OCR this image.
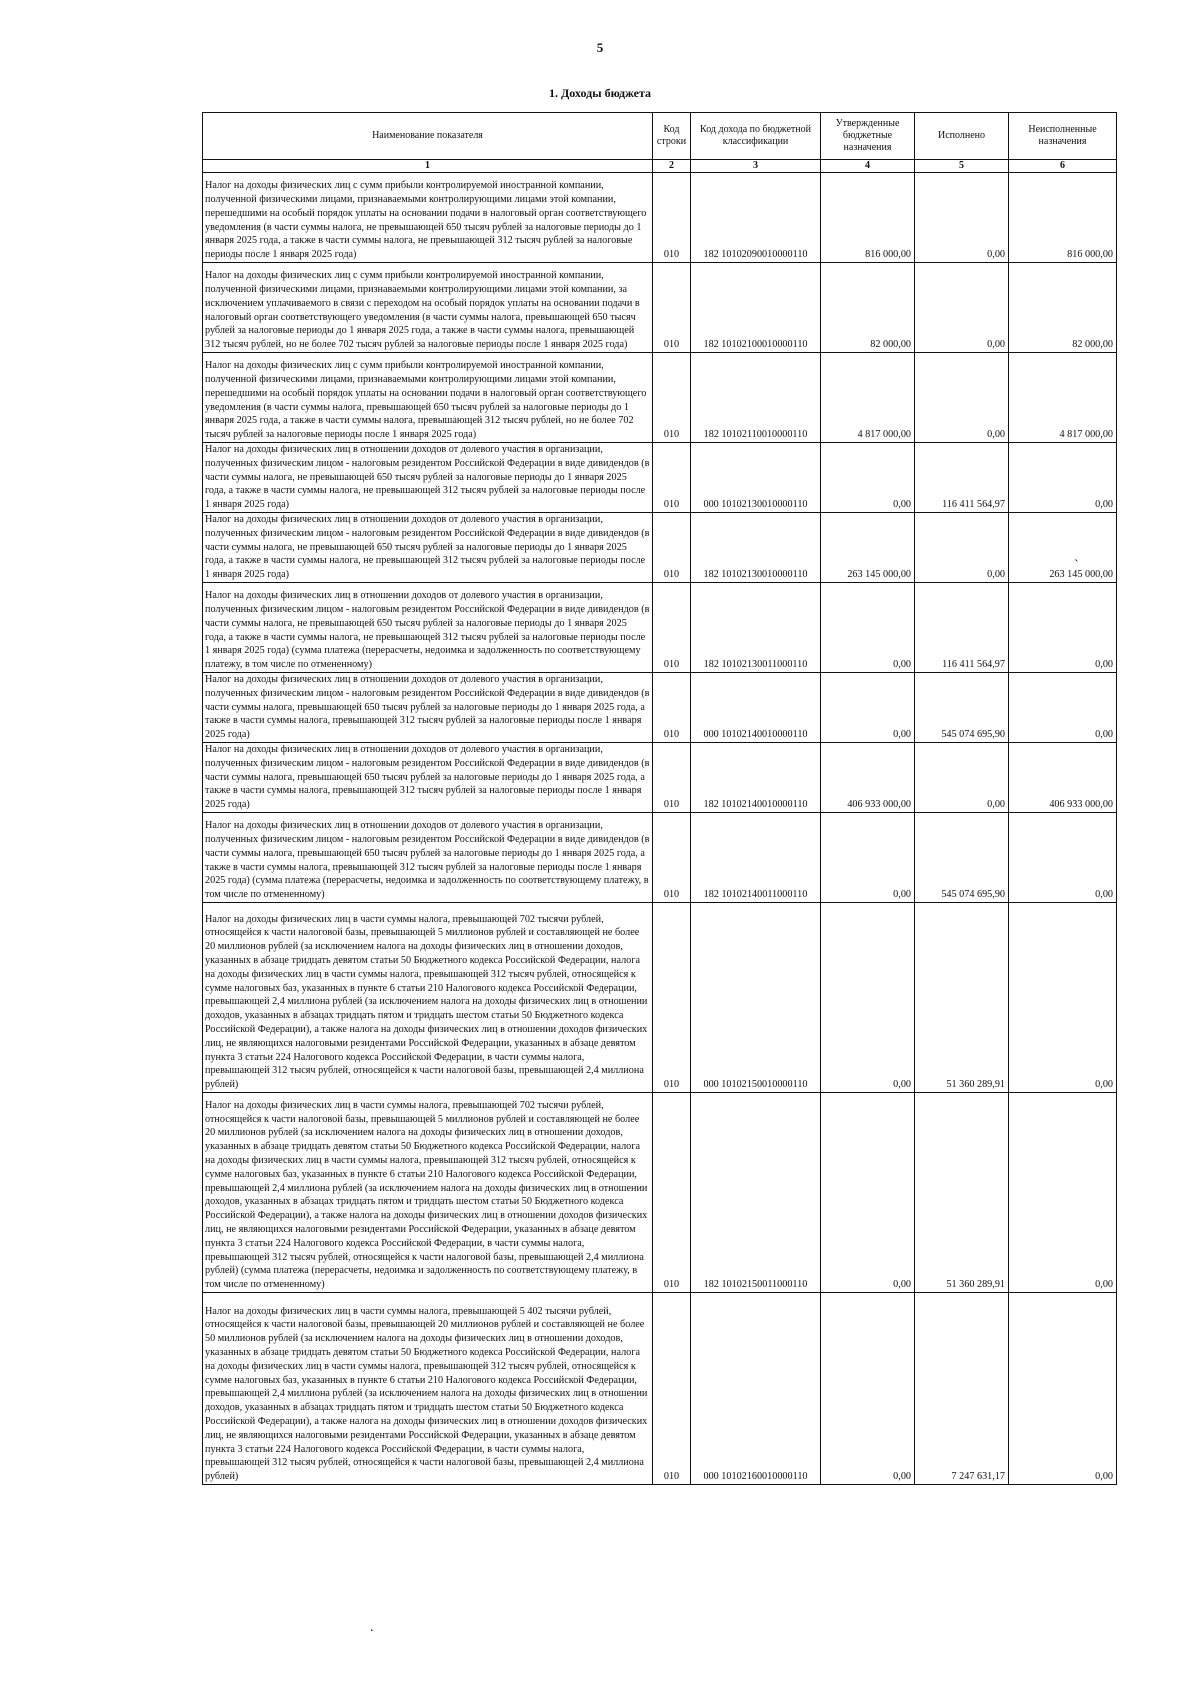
5
1. Доходы бюджета
Наименование показателя	Код строки	Код дохода по бюджетной классификации	Утвержденные бюджетные назначения	Исполнено	Неисполненные назначения
1	2	3	4	5	6
Налог на доходы физических лиц с сумм прибыли контролируемой иностранной компании, полученной физическими лицами, признаваемыми контролирующими лицами этой компании, перешедшими на особый порядок уплаты на основании подачи в налоговый орган соответствующего уведомления (в части суммы налога, не превышающей 650 тысяч рублей за налоговые периоды до 1 января 2025 года, а также в части суммы налога, не превышающей 312 тысяч рублей за налоговые периоды после 1 января 2025 года)	010	182 10102090010000110	816 000,00	0,00	816 000,00
Налог на доходы физических лиц с сумм прибыли контролируемой иностранной компании, полученной физическими лицами, признаваемыми контролирующими лицами этой компании, за исключением уплачиваемого в связи с переходом на особый порядок уплаты на основании подачи в налоговый орган соответствующего уведомления (в части суммы налога, превышающей 650 тысяч рублей за налоговые периоды до 1 января 2025 года, а также в части суммы налога, превышающей 312 тысяч рублей, но не более 702 тысяч рублей за налоговые периоды после 1 января 2025 года)	010	182 10102100010000110	82 000,00	0,00	82 000,00
Налог на доходы физических лиц с сумм прибыли контролируемой иностранной компании, полученной физическими лицами, признаваемыми контролирующими лицами этой компании, перешедшими на особый порядок уплаты на основании подачи в налоговый орган соответствующего уведомления (в части суммы налога, превышающей 650 тысяч рублей за налоговые периоды до 1 января 2025 года, а также в части суммы налога, превышающей 312 тысяч рублей, но не более 702 тысяч рублей за налоговые периоды после 1 января 2025 года)	010	182 10102110010000110	4 817 000,00	0,00	4 817 000,00
Налог на доходы физических лиц в отношении доходов от долевого участия в организации, полученных физическим лицом - налоговым резидентом Российской Федерации в виде дивидендов (в части суммы налога, не превышающей 650 тысяч рублей за налоговые периоды до 1 января 2025 года, а также в части суммы налога, не превышающей 312 тысяч рублей за налоговые периоды после 1 января 2025 года)	010	000 10102130010000110	0,00	116 411 564,97	0,00
Налог на доходы физических лиц в отношении доходов от долевого участия в организации, полученных физическим лицом - налоговым резидентом Российской Федерации в виде дивидендов (в части суммы налога, не превышающей 650 тысяч рублей за налоговые периоды до 1 января 2025 года, а также в части суммы налога, не превышающей 312 тысяч рублей за налоговые периоды после 1 января 2025 года)	010	182 10102130010000110	263 145 000,00	0,00	263 145 000,00
Налог на доходы физических лиц в отношении доходов от долевого участия в организации, полученных физическим лицом - налоговым резидентом Российской Федерации в виде дивидендов (в части суммы налога, не превышающей 650 тысяч рублей за налоговые периоды до 1 января 2025 года, а также в части суммы налога, не превышающей 312 тысяч рублей за налоговые периоды после 1 января 2025 года) (сумма платежа (перерасчеты, недоимка и задолженность по соответствующему платежу, в том числе по отмененному)	010	182 10102130011000110	0,00	116 411 564,97	0,00
Налог на доходы физических лиц в отношении доходов от долевого участия в организации, полученных физическим лицом - налоговым резидентом Российской Федерации в виде дивидендов (в части суммы налога, превышающей 650 тысяч рублей за налоговые периоды до 1 января 2025 года, а также в части суммы налога, превышающей 312 тысяч рублей за налоговые периоды после 1 января 2025 года)	010	000 10102140010000110	0,00	545 074 695,90	0,00
Налог на доходы физических лиц в отношении доходов от долевого участия в организации, полученных физическим лицом - налоговым резидентом Российской Федерации в виде дивидендов (в части суммы налога, превышающей 650 тысяч рублей за налоговые периоды до 1 января 2025 года, а также в части суммы налога, превышающей 312 тысяч рублей за налоговые периоды после 1 января 2025 года)	010	182 10102140010000110	406 933 000,00	0,00	406 933 000,00
Налог на доходы физических лиц в отношении доходов от долевого участия в организации, полученных физическим лицом - налоговым резидентом Российской Федерации в виде дивидендов (в части суммы налога, превышающей 650 тысяч рублей за налоговые периоды до 1 января 2025 года, а также в части суммы налога, превышающей 312 тысяч рублей за налоговые периоды после 1 января 2025 года) (сумма платежа (перерасчеты, недоимка и задолженность по соответствующему платежу, в том числе по отмененному)	010	182 10102140011000110	0,00	545 074 695,90	0,00
Налог на доходы физических лиц в части суммы налога, превышающей 702 тысячи рублей, относящейся к части налоговой базы, превышающей 5 миллионов рублей и составляющей не более 20 миллионов рублей (за исключением налога на доходы физических лиц в отношении доходов, указанных в абзаце тридцать девятом статьи 50 Бюджетного кодекса Российской Федерации, налога на доходы физических лиц в части суммы налога, превышающей 312 тысяч рублей, относящейся к сумме налоговых баз, указанных в пункте 6 статьи 210 Налогового кодекса Российской Федерации, превышающей 2,4 миллиона рублей (за исключением налога на доходы физических лиц в отношении доходов, указанных в абзацах тридцать пятом и тридцать шестом статьи 50 Бюджетного кодекса Российской Федерации), а также налога на доходы физических лиц в отношении доходов физических лиц, не являющихся налоговыми резидентами Российской Федерации, указанных в абзаце девятом пункта 3 статьи 224 Налогового кодекса Российской Федерации, в части суммы налога, превышающей 312 тысяч рублей, относящейся к части налоговой базы, превышающей 2,4 миллиона рублей)	010	000 10102150010000110	0,00	51 360 289,91	0,00
Налог на доходы физических лиц в части суммы налога, превышающей 702 тысячи рублей, относящейся к части налоговой базы, превышающей 5 миллионов рублей и составляющей не более 20 миллионов рублей (за исключением налога на доходы физических лиц в отношении доходов, указанных в абзаце тридцать девятом статьи 50 Бюджетного кодекса Российской Федерации, налога на доходы физических лиц в части суммы налога, превышающей 312 тысяч рублей, относящейся к сумме налоговых баз, указанных в пункте 6 статьи 210 Налогового кодекса Российской Федерации, превышающей 2,4 миллиона рублей (за исключением налога на доходы физических лиц в отношении доходов, указанных в абзацах тридцать пятом и тридцать шестом статьи 50 Бюджетного кодекса Российской Федерации), а также налога на доходы физических лиц в отношении доходов физических лиц, не являющихся налоговыми резидентами Российской Федерации, указанных в абзаце девятом пункта 3 статьи 224 Налогового кодекса Российской Федерации, в части суммы налога, превышающей 312 тысяч рублей, относящейся к части налоговой базы, превышающей 2,4 миллиона рублей) (сумма платежа (перерасчеты, недоимка и задолженность по соответствующему платежу, в том числе по отмененному)	010	182 10102150011000110	0,00	51 360 289,91	0,00
Налог на доходы физических лиц в части суммы налога, превышающей 5 402 тысячи рублей, относящейся к части налоговой базы, превышающей 20 миллионов рублей и составляющей не более 50 миллионов рублей (за исключением налога на доходы физических лиц в отношении доходов, указанных в абзаце тридцать девятом статьи 50 Бюджетного кодекса Российской Федерации, налога на доходы физических лиц в части суммы налога, превышающей 312 тысяч рублей, относящейся к сумме налоговых баз, указанных в пункте 6 статьи 210 Налогового кодекса Российской Федерации, превышающей 2,4 миллиона рублей (за исключением налога на доходы физических лиц в отношении доходов, указанных в абзацах тридцать пятом и тридцать шестом статьи 50 Бюджетного кодекса Российской Федерации), а также налога на доходы физических лиц в отношении доходов физических лиц, не являющихся налоговыми резидентами Российской Федерации, указанных в абзаце девятом пункта 3 статьи 224 Налогового кодекса Российской Федерации, в части суммы налога, превышающей 312 тысяч рублей, относящейся к части налоговой базы, превышающей 2,4 миллиона рублей)	010	000 10102160010000110	0,00	7 247 631,17	0,00
ˋ
.
